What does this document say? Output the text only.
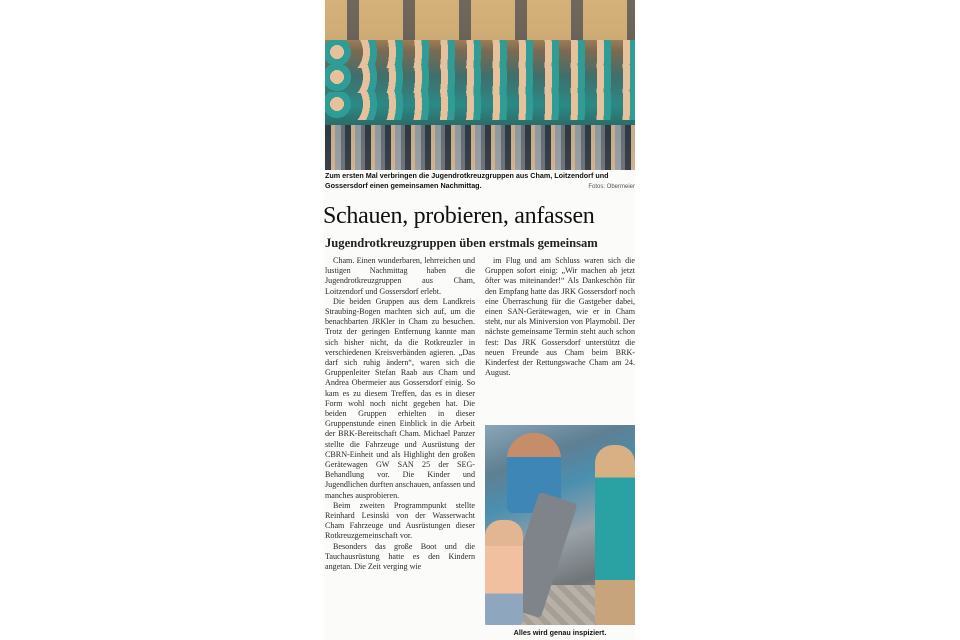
Zum ersten Mal verbringen die Jugendrotkreuzgruppen aus Cham, Loitzendorf und Gossersdorf einen gemeinsamen Nachmittag.	Fotos: Obermeier
Schauen, probieren, anfassen
Jugendrotkreuzgruppen üben erstmals gemeinsam

Cham. Einen wunderbaren, lehrreichen und lustigen Nachmittag haben die Jugendrotkreuzgruppen aus Cham, Loitzendorf und Gossersdorf erlebt.

Die beiden Gruppen aus dem Landkreis Straubing-Bogen machten sich auf, um die benachbarten JRKler in Cham zu besuchen. Trotz der geringen Entfernung kannte man sich bisher nicht, da die Rotkreuzler in verschiedenen Kreisverbänden agieren. „Das darf sich ruhig ändern“, waren sich die Gruppenleiter Stefan Raab aus Cham und Andrea Obermeier aus Gossersdorf einig. So kam es zu diesem Treffen, das es in dieser Form wohl noch nicht gegeben hat. Die beiden Gruppen erhielten in dieser Gruppenstunde einen Einblick in die Arbeit der BRK-Bereitschaft Cham. Michael Panzer stellte die Fahrzeuge und Ausrüstung der CBRN-Einheit und als Highlight den großen Gerätewagen GW SAN 25 der SEG-Behandlung vor. Die Kinder und Jugendlichen durften anschauen, anfassen und manches ausprobieren.

Beim zweiten Programmpunkt stellte Reinhard Lesinski von der Wasserwacht Cham Fahrzeuge und Ausrüstungen dieser Rotkreuzgemeinschaft vor.

Besonders das große Boot und die Tauchausrüstung hatte es den Kindern angetan. Die Zeit verging wie

im Flug und am Schluss waren sich die Gruppen sofort einig: „Wir machen ab jetzt öfter was miteinander!“ Als Dankeschön für den Empfang hatte das JRK Gossersdorf noch eine Überraschung für die Gastgeber dabei, einen SAN-Gerätewagen, wie er in Cham steht, nur als Miniversion von Playmobil. Der nächste gemeinsame Termin steht auch schon fest: Das JRK Gossersdorf unterstützt die neuen Freunde aus Cham beim BRK-Kinderfest der Rettungswache Cham am 24. August.

Alles wird genau inspiziert.
